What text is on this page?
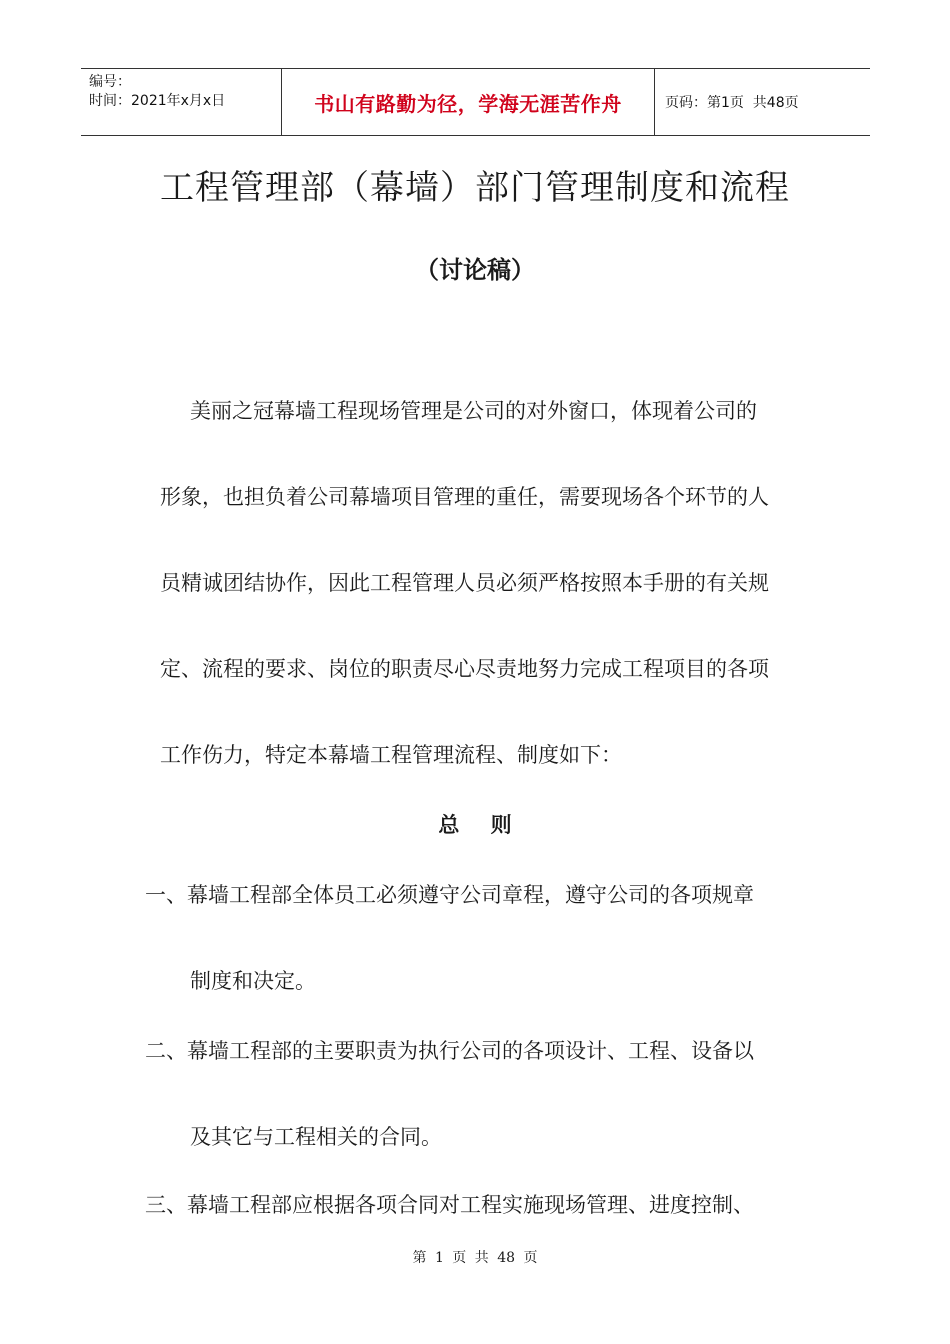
编号：
时间：2021年x月x日	书山有路勤为径，学海无涯苦作舟	页码：第1页  共48页
工程管理部（幕墙）部门管理制度和流程
（讨论稿）
美丽之冠幕墙工程现场管理是公司的对外窗口，体现着公司的
形象，也担负着公司幕墙项目管理的重任，需要现场各个环节的人
员精诚团结协作，因此工程管理人员必须严格按照本手册的有关规
定、流程的要求、岗位的职责尽心尽责地努力完成工程项目的各项
工作伤力，特定本幕墙工程管理流程、制度如下：
总 则
一、幕墙工程部全体员工必须遵守公司章程，遵守公司的各项规章
制度和决定。
二、幕墙工程部的主要职责为执行公司的各项设计、工程、设备以
及其它与工程相关的合同。
三、幕墙工程部应根据各项合同对工程实施现场管理、进度控制、
第 1 页 共 48 页
